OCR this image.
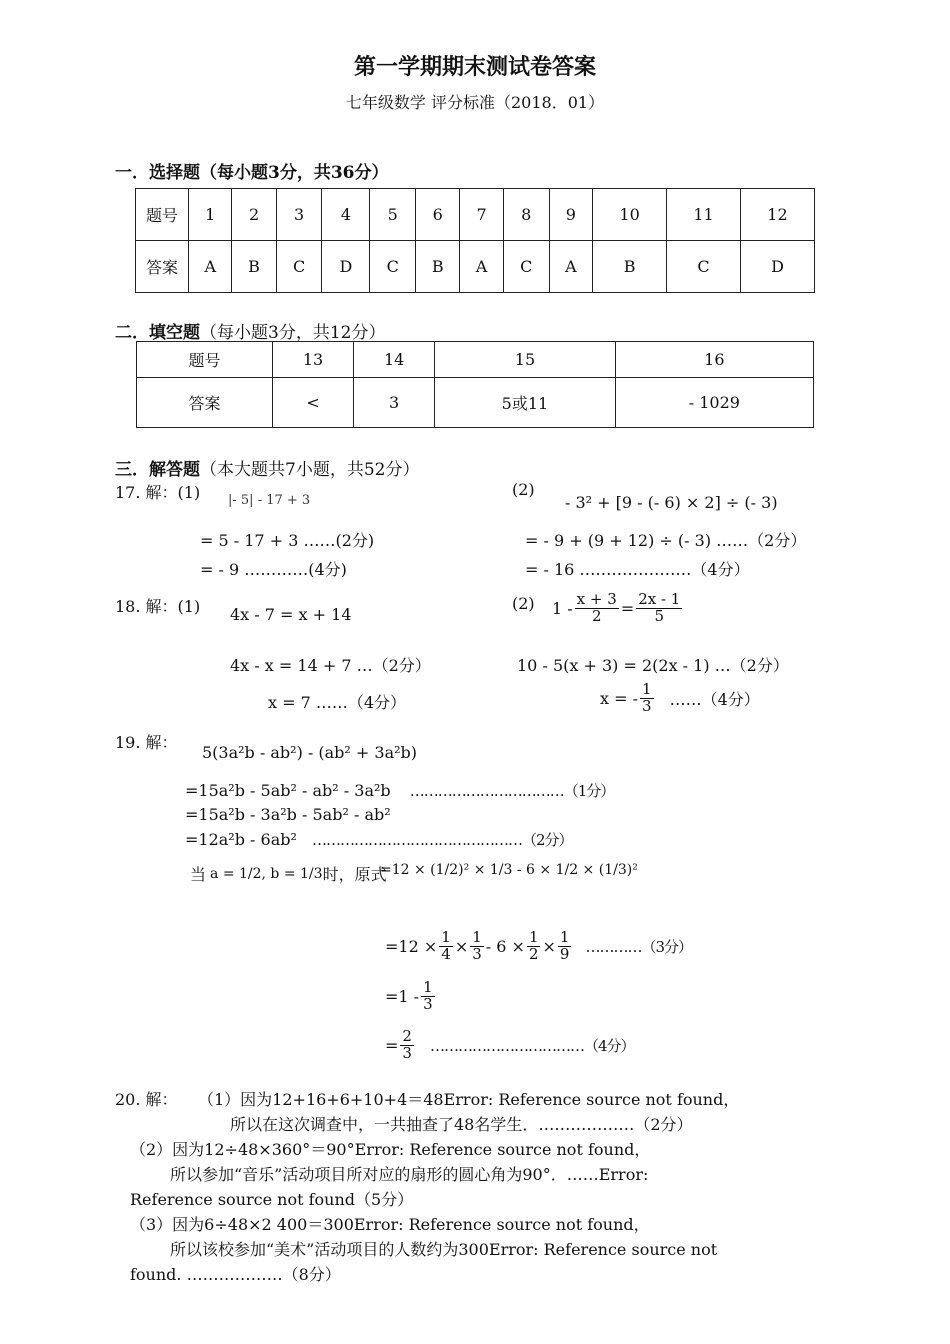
第一学期期末测试卷答案
七年级数学 评分标准（2018．01）
一．选择题（每小题3分，共36分）
题号	1	2	3	4	5	6	7	8	9	10	11	12
答案	A	B	C	D	C	B	A	C	A	B	C	D
二．填空题（每小题3分，共12分）
题号	13	14	15	16
答案	<	3	5或11	- 1029
三．解答题（本大题共7小题，共52分）
17. 解：(1) |- 5| - 17 + 3
= 5 - 17 + 3 ……(2分)
= - 9 …………(4分)
(2)
- 3² + [9 - (- 6) × 2] ÷ (- 3)
= - 9 + (9 + 12) ÷ (- 3) ……（2分）
= - 16 …………………（4分）
18. 解：(1) 4x - 7 = x + 14
4x - x = 14 + 7 …（2分）
x = 7 ……（4分）
(2) $1 - \frac{x + 3}{2} = \frac{2x - 1}{5}$
10 - 5(x + 3) = 2(2x - 1) …（2分）
x = - $\frac{1}{3}$ ……（4分）
19. 解：
5(3a²b - ab²) - (ab² + 3a²b)
=15a²b - 5ab² - ab² - 3a²b ……………………………（1分）
=15a²b - 3a²b - 5ab² - ab²
=12a²b - 6ab² ………………………………………（2分）
当 a = 1/2, b = 1/3 时，原式
=12 × (1/2)² × 1/3 - 6 × 1/2 × (1/3)²
$=12 \times \frac{1}{4} \times \frac{1}{3} - 6 \times \frac{1}{2} \times \frac{1}{9}$ …………（3分）
$=1 - \frac{1}{3}$
= $\frac{2}{3}$ ……………………………（4分）
20. 解： （1）因为12+16+6+10+4＝48Error: Reference source not found，
所以在这次调查中，一共抽查了48名学生．………………（2分）
（2）因为12÷48×360°＝90°Error: Reference source not found，
所以参加“音乐”活动项目所对应的扇形的圆心角为90°．……Error:
Reference source not found（5分）
（3）因为6÷48×2 400＝300Error: Reference source not found，
所以该校参加“美术”活动项目的人数约为300Error: Reference source not
found. ………………（8分）
